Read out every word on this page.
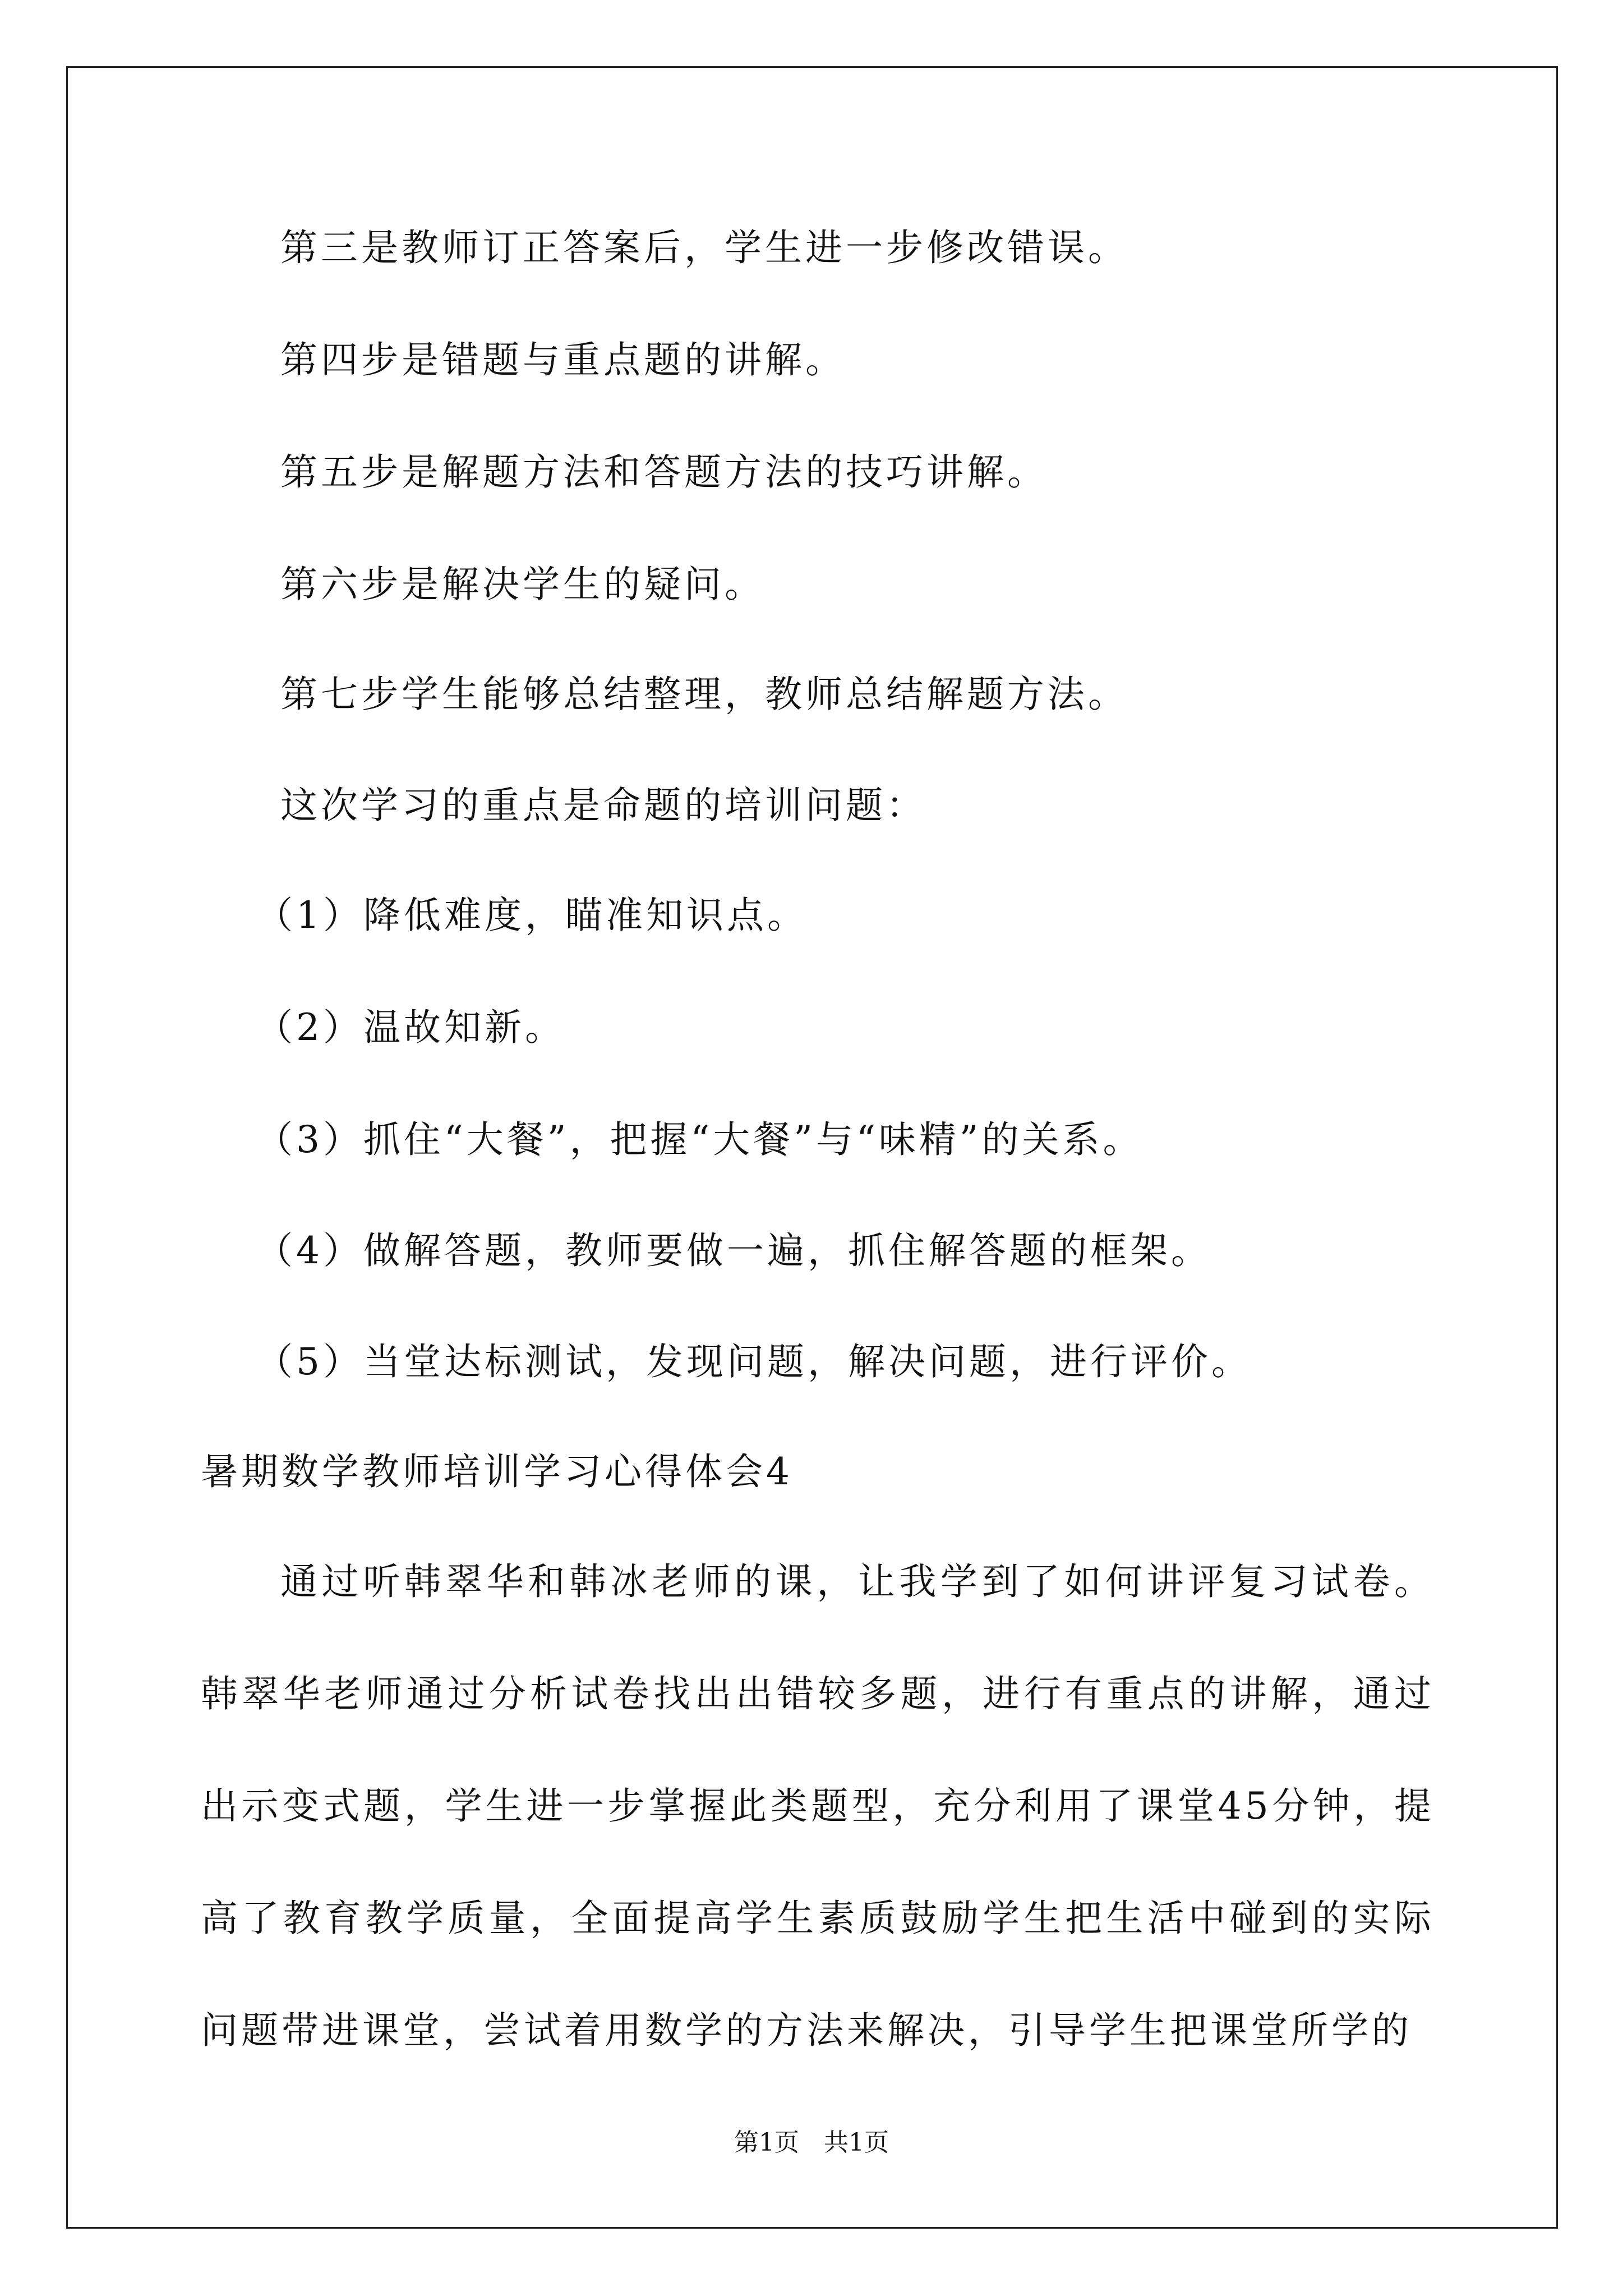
第三是教师订正答案后，学生进一步修改错误。
第四步是错题与重点题的讲解。
第五步是解题方法和答题方法的技巧讲解。
第六步是解决学生的疑问。
第七步学生能够总结整理，教师总结解题方法。
这次学习的重点是命题的培训问题：
（1）降低难度，瞄准知识点。
（2）温故知新。
（3）抓住“大餐”，把握“大餐”与“味精”的关系。
（4）做解答题，教师要做一遍，抓住解答题的框架。
（5）当堂达标测试，发现问题，解决问题，进行评价。
暑期数学教师培训学习心得体会4
通过听韩翠华和韩冰老师的课，让我学到了如何讲评复习试卷。韩翠华老师通过分析试卷找出出错较多题，进行有重点的讲解，通过出示变式题，学生进一步掌握此类题型，充分利用了课堂45分钟，提高了教育教学质量，全面提高学生素质鼓励学生把生活中碰到的实际问题带进课堂，尝试着用数学的方法来解决，引导学生把课堂所学的
第1页　共1页
